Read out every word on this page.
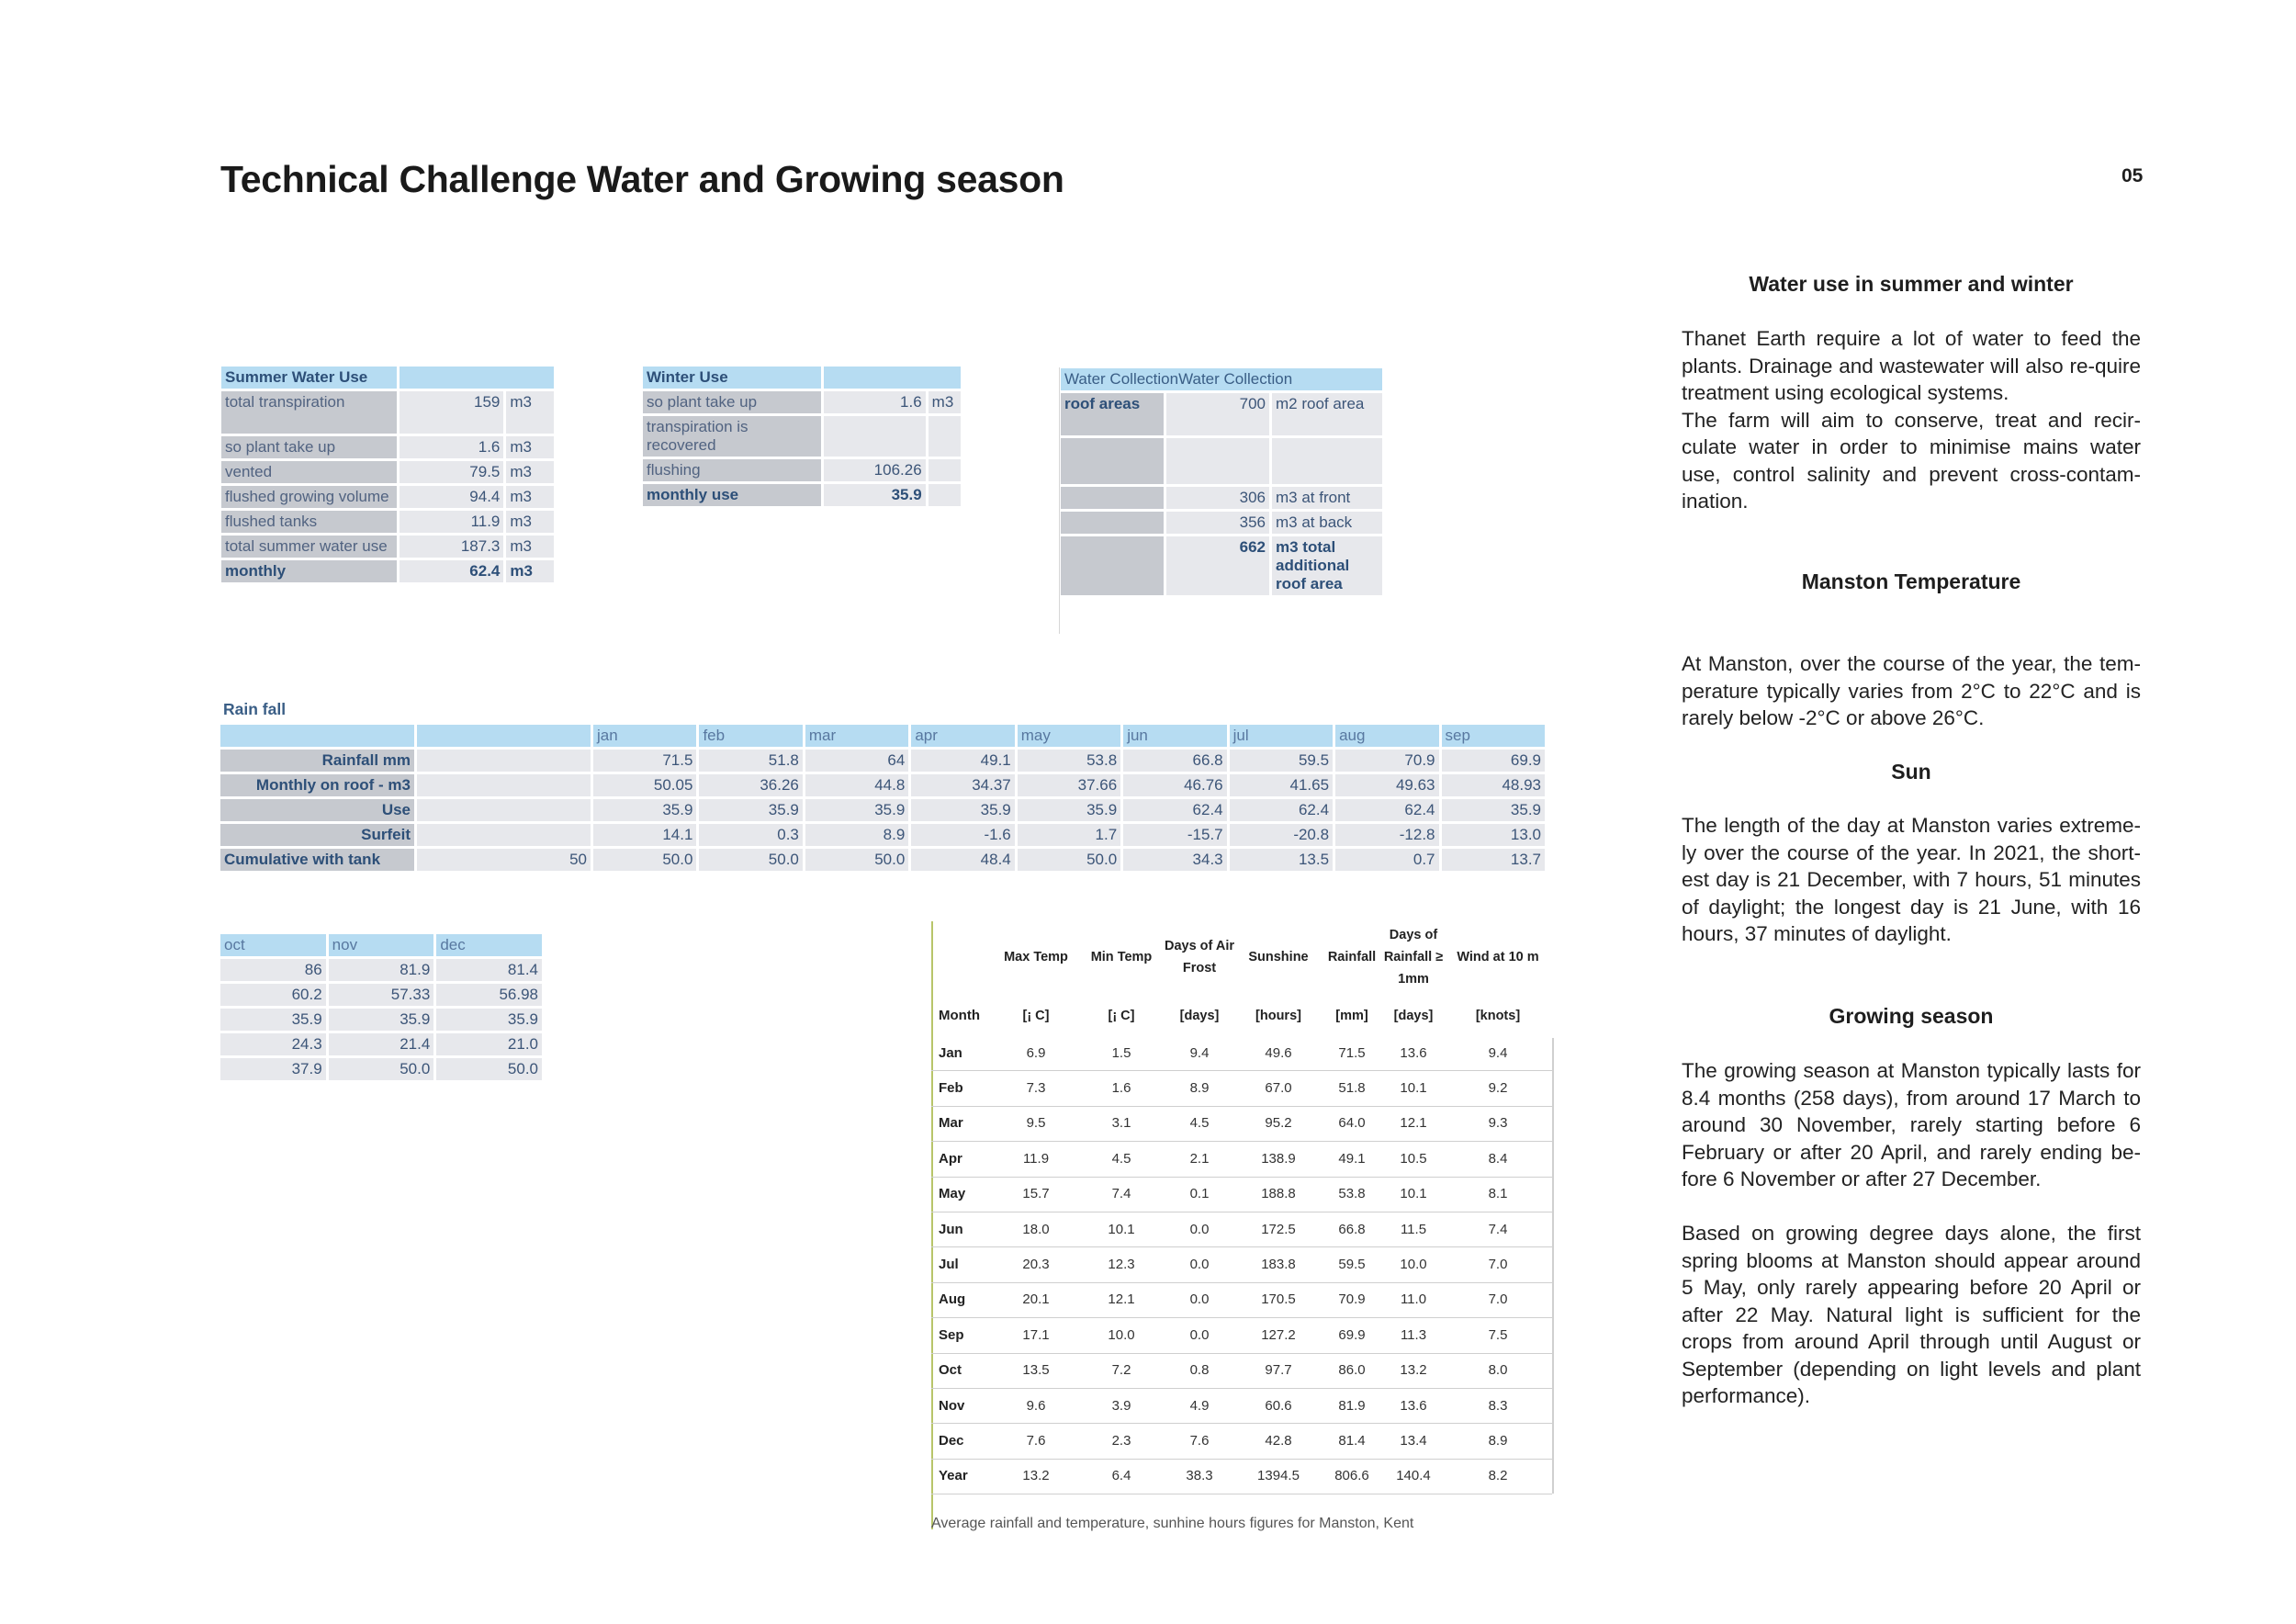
Technical Challenge Water and Growing season	05
Water use in summer and winter
Thanet Earth require a lot of water to feed the plants. Drainage and wastewater will also re-quire treatment using ecological systems.
The farm will aim to conserve, treat and recir-culate water in order to minimise mains water use, control salinity and prevent cross-contam-ination.
Manston Temperature
At Manston, over the course of the year, the tem-perature typically varies from 2°C to 22°C and is rarely below -2°C or above 26°C.
Sun
The length of the day at Manston varies extreme-ly over the course of the year. In 2021, the short-est day is 21 December, with 7 hours, 51 minutes of daylight; the longest day is 21 June, with 16 hours, 37 minutes of daylight.
Growing season
The growing season at Manston typically lasts for 8.4 months (258 days), from around 17 March to around 30 November, rarely starting before 6 February or after 20 April, and rarely ending be-fore 6 November or after 27 December.
Based on growing degree days alone, the first spring blooms at Manston should appear around 5 May, only rarely appearing before 20 April or after 22 May. Natural light is sufficient for the crops from around April through until August or September (depending on light levels and plant performance).
Summer Water Use		
total transpiration	159	m3
so plant take up	1.6	m3
vented	79.5	m3
flushed growing volume	94.4	m3
flushed tanks	11.9	m3
total summer water use	187.3	m3
monthly	62.4	m3
Winter Use		
so plant take up	1.6	m3
transpiration is recovered		
flushing	106.26	
monthly use	35.9	
Water CollectionWater Collection		
roof areas	700	m2 roof area

	306	m3 at front
	356	m3 at back
	662	m3 total additional roof area
Rain fall
		jan	feb	mar	apr	may	jun	jul	aug	sep
Rainfall mm		71.5	51.8	64	49.1	53.8	66.8	59.5	70.9	69.9
Monthly on roof - m3		50.05	36.26	44.8	34.37	37.66	46.76	41.65	49.63	48.93
Use		35.9	35.9	35.9	35.9	35.9	62.4	62.4	62.4	35.9
Surfeit		14.1	0.3	8.9	-1.6	1.7	-15.7	-20.8	-12.8	13.0
Cumulative with tank	50	50.0	50.0	50.0	48.4	50.0	34.3	13.5	0.7	13.7
oct	nov	dec
86	81.9	81.4
60.2	57.33	56.98
35.9	35.9	35.9
24.3	21.4	21.0
37.9	50.0	50.0
	Max Temp	Min Temp	Days of Air Frost	Sunshine	Rainfall	Days of Rainfall ≥ 1mm	Wind at 10 m
Month	[¡ C]	[¡ C]	[days]	[hours]	[mm]	[days]	[knots]
Jan	6.9	1.5	9.4	49.6	71.5	13.6	9.4
Feb	7.3	1.6	8.9	67.0	51.8	10.1	9.2
Mar	9.5	3.1	4.5	95.2	64.0	12.1	9.3
Apr	11.9	4.5	2.1	138.9	49.1	10.5	8.4
May	15.7	7.4	0.1	188.8	53.8	10.1	8.1
Jun	18.0	10.1	0.0	172.5	66.8	11.5	7.4
Jul	20.3	12.3	0.0	183.8	59.5	10.0	7.0
Aug	20.1	12.1	0.0	170.5	70.9	11.0	7.0
Sep	17.1	10.0	0.0	127.2	69.9	11.3	7.5
Oct	13.5	7.2	0.8	97.7	86.0	13.2	8.0
Nov	9.6	3.9	4.9	60.6	81.9	13.6	8.3
Dec	7.6	2.3	7.6	42.8	81.4	13.4	8.9
Year	13.2	6.4	38.3	1394.5	806.6	140.4	8.2
Average rainfall and temperature, sunhine hours figures for Manston, Kent
